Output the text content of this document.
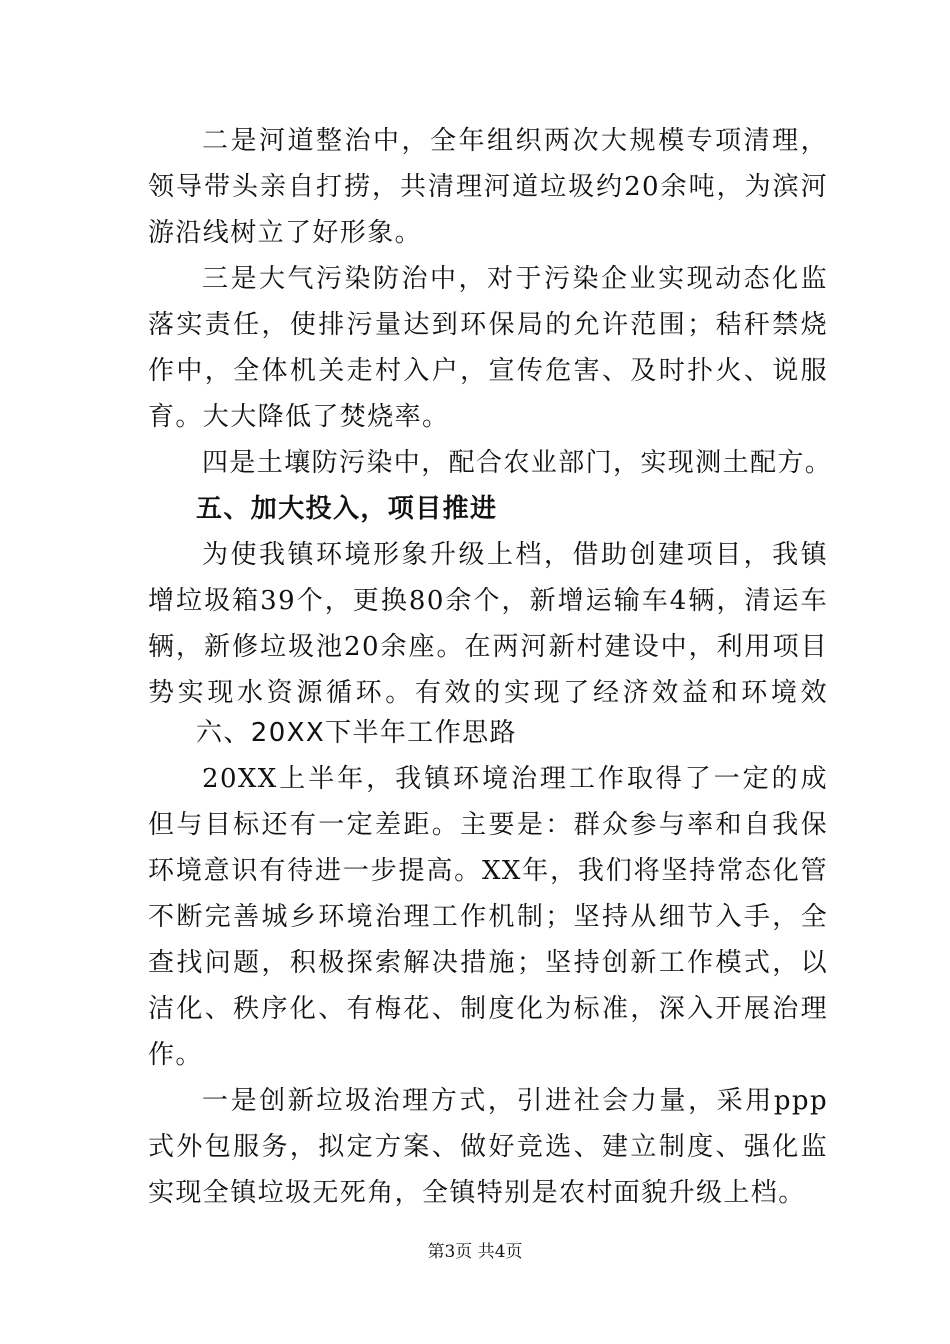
二是河道整治中，全年组织两次大规模专项清理，
领导带头亲自打捞，共清理河道垃圾约20余吨，为滨河
游沿线树立了好形象。
三是大气污染防治中，对于污染企业实现动态化监
落实责任，使排污量达到环保局的允许范围；秸秆禁烧
作中，全体机关走村入户，宣传危害、及时扑火、说服
育。大大降低了焚烧率。
四是土壤防污染中，配合农业部门，实现测土配方。
五、加大投入，项目推进
为使我镇环境形象升级上档，借助创建项目，我镇
增垃圾箱39个，更换80余个，新增运输车4辆，清运车
辆，新修垃圾池20余座。在两河新村建设中，利用项目
势实现水资源循环。有效的实现了经济效益和环境效
六、20XX下半年工作思路
20XX上半年，我镇环境治理工作取得了一定的成
但与目标还有一定差距。主要是：群众参与率和自我保
环境意识有待进一步提高。XX年，我们将坚持常态化管
不断完善城乡环境治理工作机制；坚持从细节入手，全
查找问题，积极探索解决措施；坚持创新工作模式，以
洁化、秩序化、有梅花、制度化为标准，深入开展治理
作。
一是创新垃圾治理方式，引进社会力量，采用ppp
式外包服务，拟定方案、做好竞选、建立制度、强化监
实现全镇垃圾无死角，全镇特别是农村面貌升级上档。
第3页 共4页
